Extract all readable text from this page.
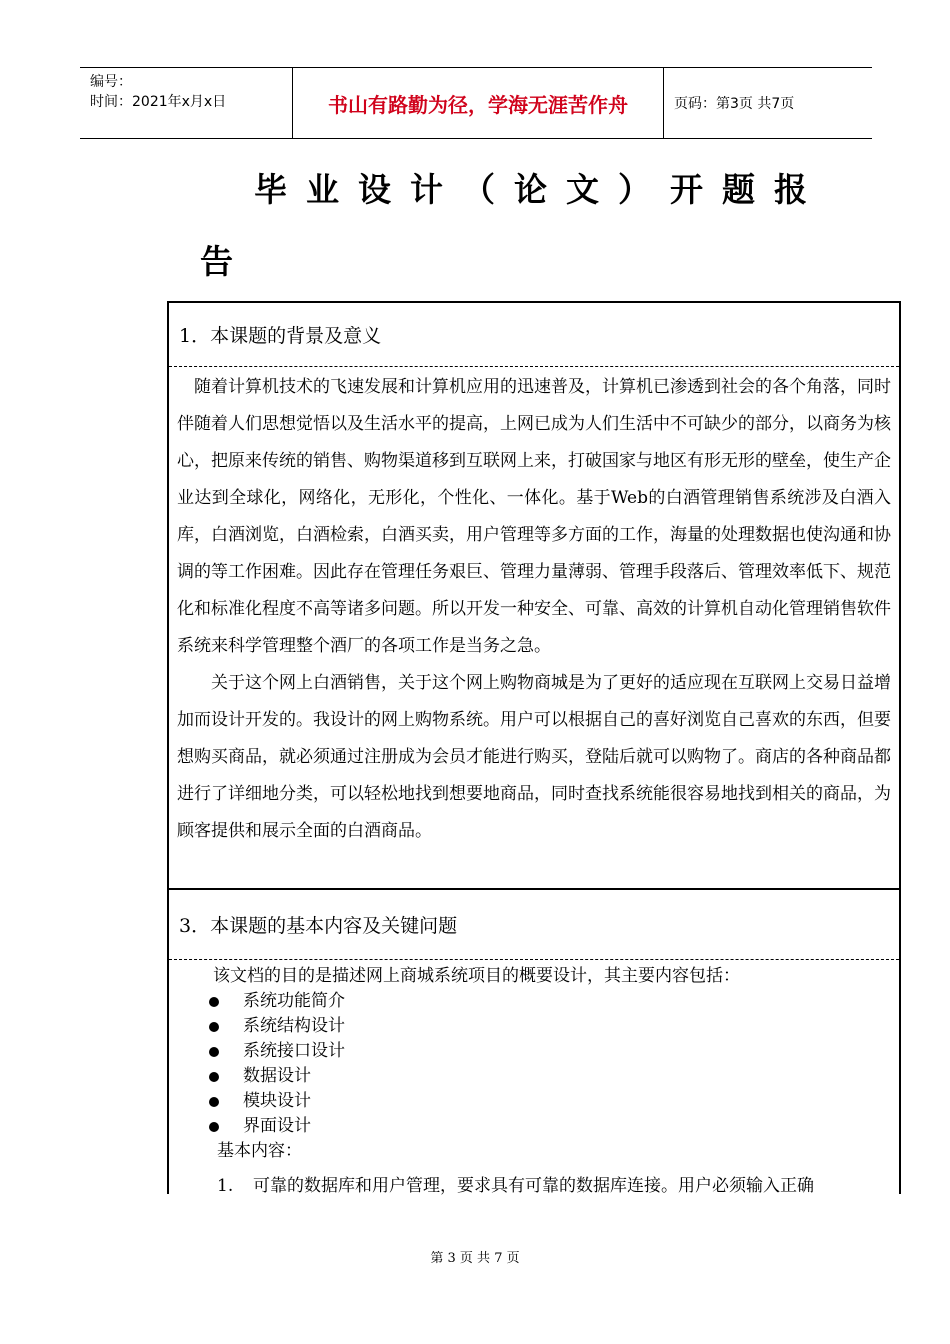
编号：
时间：2021年x月x日	书山有路勤为径，学海无涯苦作舟	页码：第3页 共7页
毕业设计（论文）开题报
告
1．本课题的背景及意义
随着计算机技术的飞速发展和计算机应用的迅速普及，计算机已渗透到社会的各个角落，同时伴随着人们思想觉悟以及生活水平的提高，上网已成为人们生活中不可缺少的部分，以商务为核心，把原来传统的销售、购物渠道移到互联网上来，打破国家与地区有形无形的壁垒，使生产企业达到全球化，网络化，无形化，个性化、一体化。基于Web的白酒管理销售系统涉及白酒入库，白酒浏览，白酒检索，白酒买卖，用户管理等多方面的工作，海量的处理数据也使沟通和协调的等工作困难。因此存在管理任务艰巨、管理力量薄弱、管理手段落后、管理效率低下、规范化和标准化程度不高等诸多问题。所以开发一种安全、可靠、高效的计算机自动化管理销售软件系统来科学管理整个酒厂的各项工作是当务之急。
关于这个网上白酒销售，关于这个网上购物商城是为了更好的适应现在互联网上交易日益增加而设计开发的。我设计的网上购物系统。用户可以根据自己的喜好浏览自己喜欢的东西，但要想购买商品，就必须通过注册成为会员才能进行购买，登陆后就可以购物了。商店的各种商品都进行了详细地分类，可以轻松地找到想要地商品，同时查找系统能很容易地找到相关的商品，为顾客提供和展示全面的白酒商品。
3．本课题的基本内容及关键问题
该文档的目的是描述网上商城系统项目的概要设计，其主要内容包括：
系统功能简介
系统结构设计
系统接口设计
数据设计
模块设计
界面设计
基本内容：
1. 可靠的数据库和用户管理，要求具有可靠的数据库连接。用户必须输入正确
第 3 页 共 7 页
